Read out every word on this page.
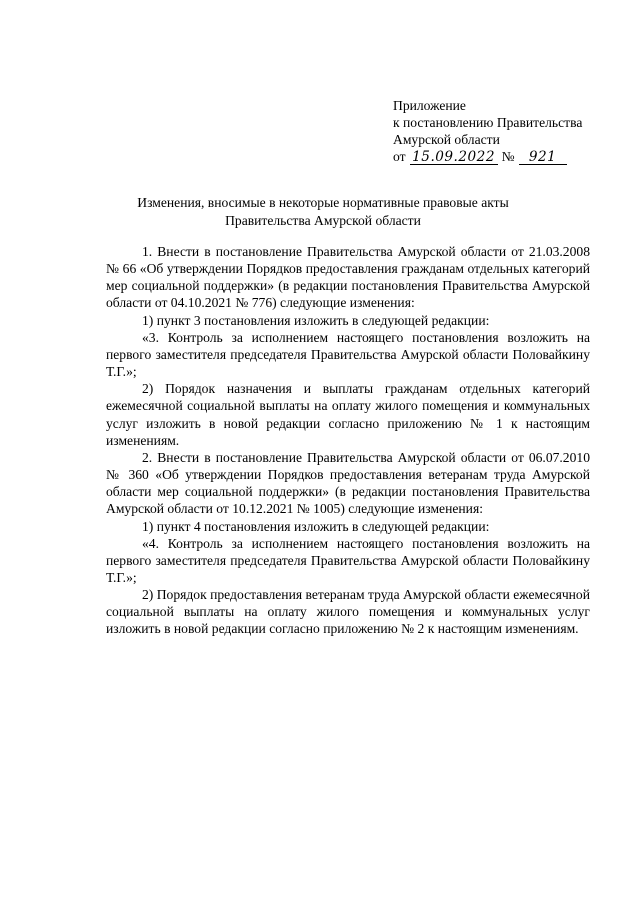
Приложение
к постановлению Правительства
Амурской области
от 15.09.2022 №	921
Изменения, вносимые в некоторые нормативные правовые акты
Правительства Амурской области

1. Внести в постановление Правительства Амурской области от 21.03.2008 № 66 «Об утверждении Порядков предоставления гражданам отдельных категорий мер социальной поддержки» (в редакции постановления Правительства Амурской области от 04.10.2021 № 776) следующие изменения:

1) пункт 3 постановления изложить в следующей редакции:

«3. Контроль за исполнением настоящего постановления возложить на первого заместителя председателя Правительства Амурской области Половайкину Т.Г.»;

2) Порядок назначения и выплаты гражданам отдельных категорий ежемесячной социальной выплаты на оплату жилого помещения и коммунальных услуг изложить в новой редакции согласно приложению № 1 к настоящим изменениям.

2. Внести в постановление Правительства Амурской области от 06.07.2010 № 360 «Об утверждении Порядков предоставления ветеранам труда Амурской области мер социальной поддержки» (в редакции постановления Правительства Амурской области от 10.12.2021 № 1005) следующие изменения:

1) пункт 4 постановления изложить в следующей редакции:

«4. Контроль за исполнением настоящего постановления возложить на первого заместителя председателя Правительства Амурской области Половайкину Т.Г.»;

2) Порядок предоставления ветеранам труда Амурской области ежемесячной социальной выплаты на оплату жилого помещения и коммунальных услуг изложить в новой редакции согласно приложению № 2 к настоящим изменениям.
